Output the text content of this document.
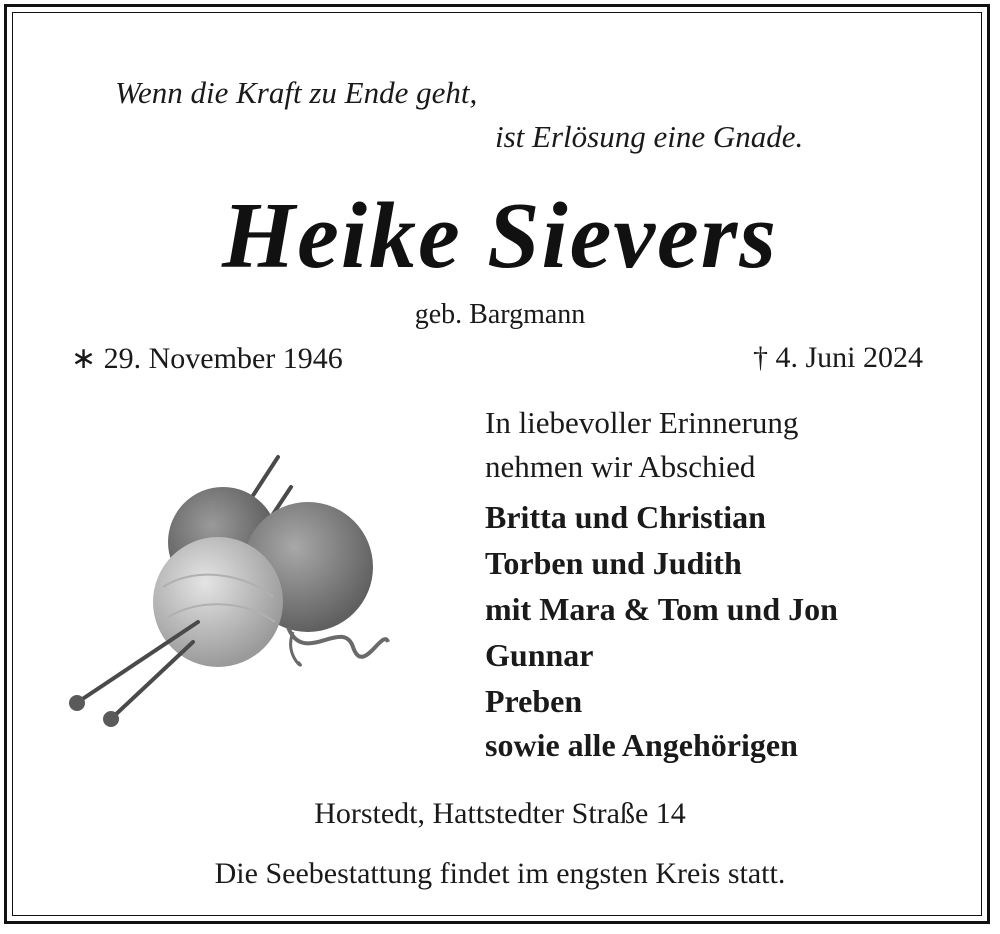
Wenn die Kraft zu Ende geht,
ist Erlösung eine Gnade.
Heike Sievers
geb. Bargmann
∗ 29. November 1946	† 4. Juni 2024
In liebevoller Erinnerung
nehmen wir Abschied
Britta und Christian
Torben und Judith
mit Mara & Tom und Jon
Gunnar
Preben
sowie alle Angehörigen
Horstedt, Hattstedter Straße 14
Die Seebestattung findet im engsten Kreis statt.
